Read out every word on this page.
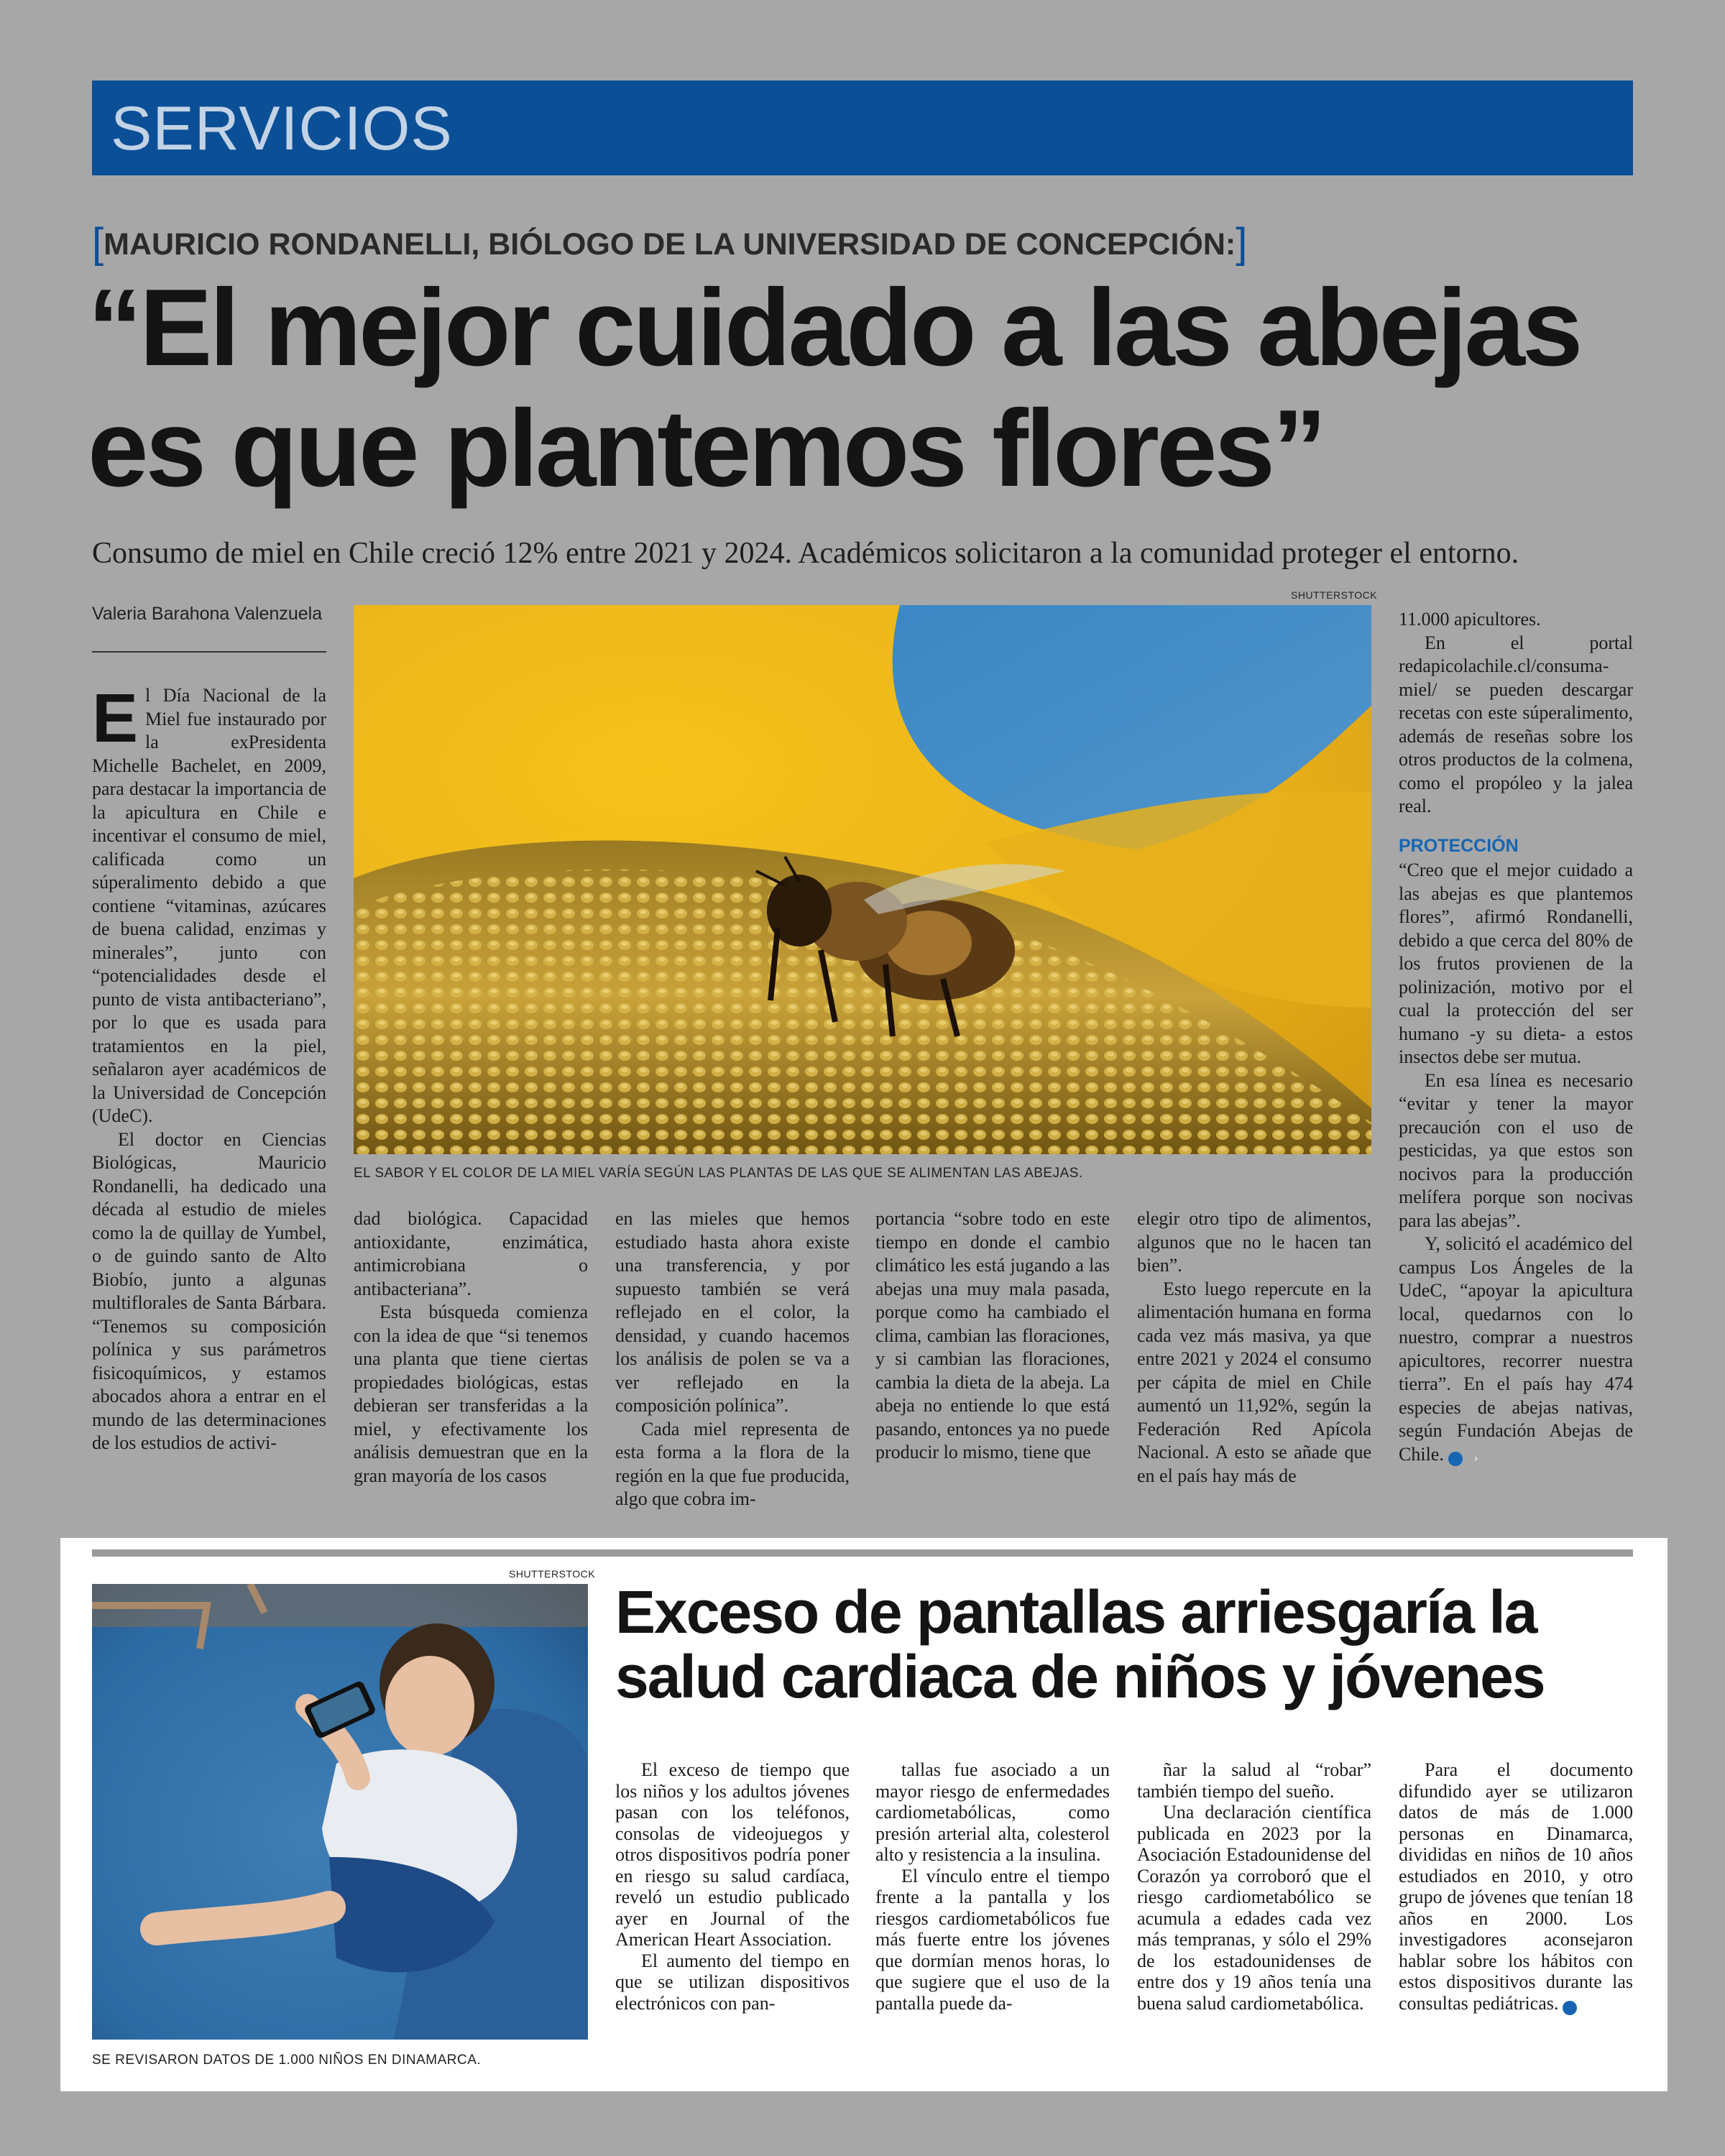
SERVICIOS
[MAURICIO RONDANELLI, BIÓLOGO DE LA UNIVERSIDAD DE CONCEPCIÓN:]
“El mejor cuidado a las abejas
es que plantemos flores”
Consumo de miel en Chile creció 12% entre 2021 y 2024. Académicos solicitaron a la comunidad proteger el entorno.
Valeria Barahona Valenzuela
SHUTTERSTOCK
EL SABOR Y EL COLOR DE LA MIEL VARÍA SEGÚN LAS PLANTAS DE LAS QUE SE ALIMENTAN LAS ABEJAS.

El Día Nacional de la Miel fue instaurado por la exPresidenta Michelle Bachelet, en 2009, para destacar la importancia de la apicultura en Chile e incentivar el consumo de miel, calificada como un súperalimento debido a que contiene “vitaminas, azúcares de buena calidad, enzimas y minerales”, junto con “potencialidades desde el punto de vista antibacteriano”, por lo que es usada para tratamientos en la piel, señalaron ayer académicos de la Universidad de Concepción (UdeC).

El doctor en Ciencias Biológicas, Mauricio Rondanelli, ha dedicado una década al estudio de mieles como la de quillay de Yumbel, o de guindo santo de Alto Biobío, junto a algunas multiflorales de Santa Bárbara. “Tenemos su composición polínica y sus parámetros fisicoquímicos, y estamos abocados ahora a entrar en el mundo de las determinaciones de los estudios de activi-

dad biológica. Capacidad antioxidante, enzimática, antimicrobiana o antibacteriana”.

Esta búsqueda comienza con la idea de que “si tenemos una planta que tiene ciertas propiedades biológicas, estas debieran ser transferidas a la miel, y efectivamente los análisis demuestran que en la gran mayoría de los casos

en las mieles que hemos estudiado hasta ahora existe una transferencia, y por supuesto también se verá reflejado en el color, la densidad, y cuando hacemos los análisis de polen se va a ver reflejado en la composición polínica”.

Cada miel representa de esta forma a la flora de la región en la que fue producida, algo que cobra im-

portancia “sobre todo en este tiempo en donde el cambio climático les está jugando a las abejas una muy mala pasada, porque como ha cambiado el clima, cambian las floraciones, y si cambian las floraciones, cambia la dieta de la abeja. La abeja no entiende lo que está pasando, entonces ya no puede producir lo mismo, tiene que

elegir otro tipo de alimentos, algunos que no le hacen tan bien”.

Esto luego repercute en la alimentación humana en forma cada vez más masiva, ya que entre 2021 y 2024 el consumo per cápita de miel en Chile aumentó un 11,92%, según la Federación Red Apícola Nacional. A esto se añade que en el país hay más de

11.000 apicultores.

En el portal redapicolachile.cl/consuma-miel/ se pueden descargar recetas con este súperalimento, además de reseñas sobre los otros productos de la colmena, como el propóleo y la jalea real.

PROTECCIÓN

“Creo que el mejor cuidado a las abejas es que plantemos flores”, afirmó Rondanelli, debido a que cerca del 80% de los frutos provienen de la polinización, motivo por el cual la protección del ser humano -y su dieta- a estos insectos debe ser mutua.

En esa línea es necesario “evitar y tener la mayor precaución con el uso de pesticidas, ya que estos son nocivos para la producción melífera porque son nocivas para las abejas”.

Y, solicitó el académico del campus Los Ángeles de la UdeC, “apoyar la apicultura local, quedarnos con lo nuestro, comprar a nuestros apicultores, recorrer nuestra tierra”. En el país hay 474 especies de abejas nativas, según Fundación Abejas de Chile.	›

SHUTTERSTOCK
SE REVISARON DATOS DE 1.000 NIÑOS EN DINAMARCA.
Exceso de pantallas arriesgaría la
salud cardiaca de niños y jóvenes

El exceso de tiempo que los niños y los adultos jóvenes pasan con los teléfonos, consolas de videojuegos y otros dispositivos podría poner en riesgo su salud cardíaca, reveló un estudio publicado ayer en Journal of the American Heart Association.

El aumento del tiempo en que se utilizan dispositivos electrónicos con pan-

tallas fue asociado a un mayor riesgo de enfermedades cardiometabólicas, como presión arterial alta, colesterol alto y resistencia a la insulina.

El vínculo entre el tiempo frente a la pantalla y los riesgos cardiometabólicos fue más fuerte entre los jóvenes que dormían menos horas, lo que sugiere que el uso de la pantalla puede da-

ñar la salud al “robar” también tiempo del sueño.

Una declaración científica publicada en 2023 por la Asociación Estadounidense del Corazón ya corroboró que el riesgo cardiometabólico se acumula a edades cada vez más tempranas, y sólo el 29% de los estadounidenses de entre dos y 19 años tenía una buena salud cardiometabólica.

Para el documento difundido ayer se utilizaron datos de más de 1.000 personas en Dinamarca, divididas en niños de 10 años estudiados en 2010, y otro grupo de jóvenes que tenían 18 años en 2000. Los investigadores aconsejaron hablar sobre los hábitos con estos dispositivos durante las consultas pediátricas.	›
